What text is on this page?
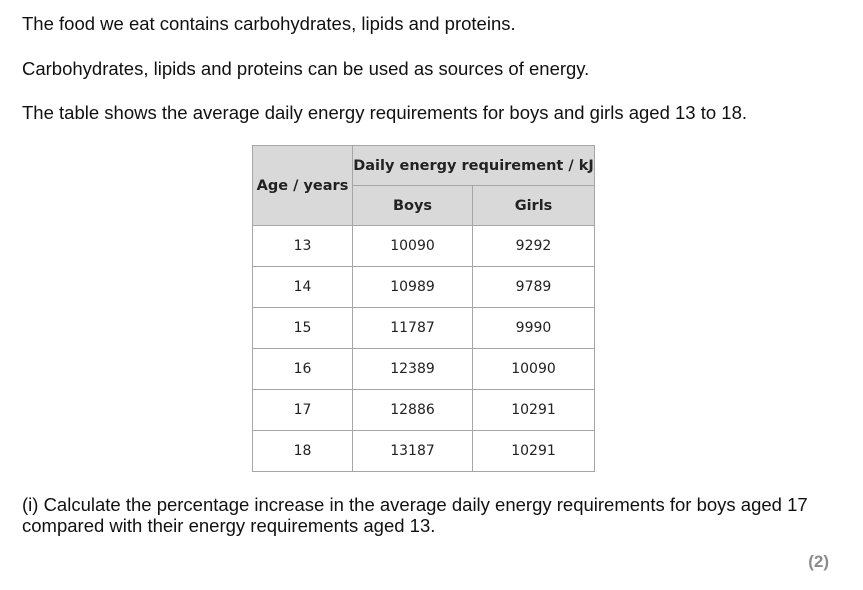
The food we eat contains carbohydrates, lipids and proteins.

Carbohydrates, lipids and proteins can be used as sources of energy.

The table shows the average daily energy requirements for boys and girls aged 13 to 18.

Age / years	Daily energy requirement / kJ	
	Boys	Girls
13	10090	9292
14	10989	9789
15	11787	9990
16	12389	10090
17	12886	10291
18	13187	10291

(i) Calculate the percentage increase in the average daily energy requirements for boys aged 17 compared with their energy requirements aged 13.

(2)
